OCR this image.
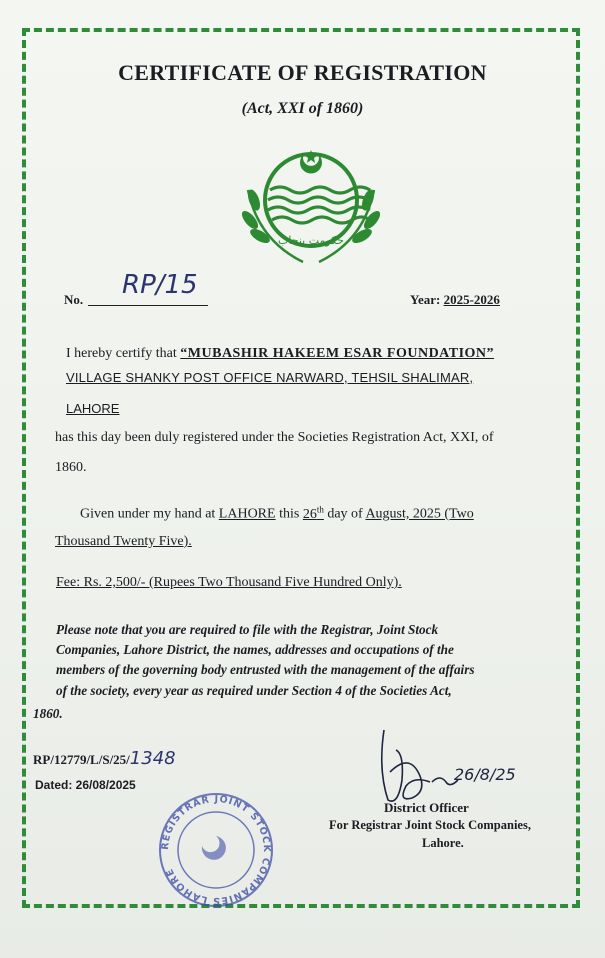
CERTIFICATE OF REGISTRATION
(Act, XXI of 1860)
حکومت پنجاب
No. RP/15	Year: 2025-2026
I hereby certify that “MUBASHIR HAKEEM ESAR FOUNDATION”
VILLAGE SHANKY POST OFFICE NARWARD, TEHSIL SHALIMAR,
LAHORE
has this day been duly registered under the Societies Registration Act, XXI, of
1860.
Given under my hand at LAHORE this 26th day of August, 2025 (Two
Thousand Twenty Five).
Fee: Rs. 2,500/- (Rupees Two Thousand Five Hundred Only).
Please note that you are required to file with the Registrar, Joint Stock
Companies, Lahore District, the names, addresses and occupations of the
members of the governing body entrusted with the management of the affairs
of the society, every year as required under Section 4 of the Societies Act,
1860.
RP/12779/L/S/25/1348
Dated: 26/08/2025
26/8/25
District Officer
For Registrar Joint Stock Companies,
Lahore.
REGISTRAR JOINT STOCK COMPANIES LAHORE
